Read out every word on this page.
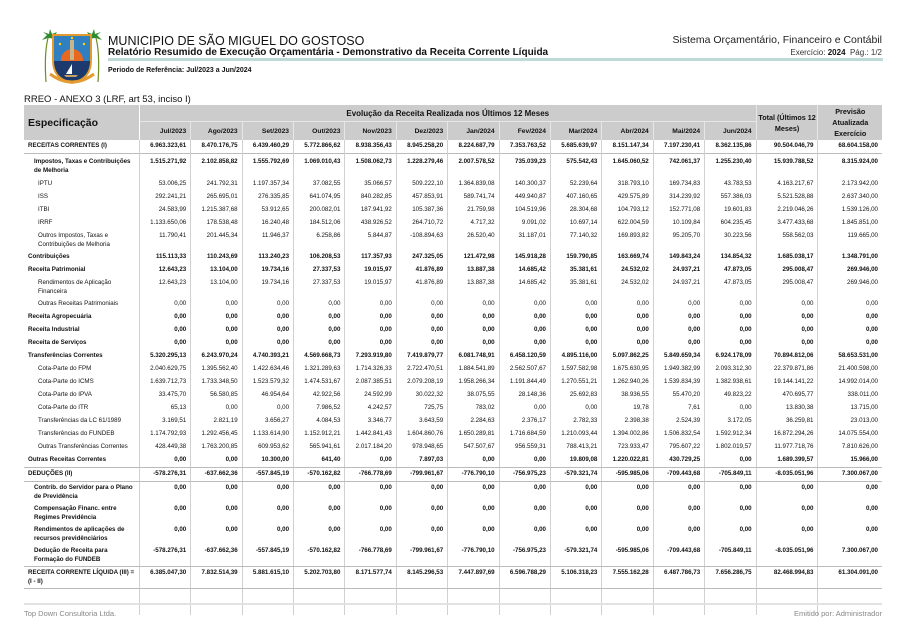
MUNICIPIO DE SÃO MIGUEL DO GOSTOSO
Relatório Resumido de Execução Orçamentária - Demonstrativo da Receita Corrente Líquida
Sistema Orçamentário, Financeiro e Contábil
Exercício: 2024 Pág.: 1/2
Periodo de Referência: Jul/2023 a Jun/2024
RREO - ANEXO 3 (LRF, art 53, inciso I)
Especificação	Evolução da Receita Realizada nos Últimos 12 Meses												Total (Últimos 12 Meses)	Previsão Atualizada Exercício
	Jul/2023	Ago/2023	Set/2023	Out/2023	Nov/2023	Dez/2023	Jan/2024	Fev/2024	Mar/2024	Abr/2024	Mai/2024	Jun/2024		
RECEITAS CORRENTES (I)	6.963.323,61	8.470.176,75	6.439.460,29	5.772.866,62	8.938.356,43	8.945.258,20	8.224.687,79	7.353.763,52	5.685.639,97	8.151.147,34	7.197.230,41	8.362.135,86	90.504.046,79	68.604.158,00
Impostos, Taxas e Contribuições de Melhoria	1.515.271,92	2.102.858,82	1.555.792,69	1.069.010,43	1.508.062,73	1.228.279,46	2.007.578,52	735.039,23	575.542,43	1.645.060,52	742.061,37	1.255.230,40	15.939.788,52	8.315.924,00
IPTU	53.006,25	241.792,31	1.197.357,34	37.082,55	35.066,57	509.222,10	1.364.839,08	140.300,37	52.239,64	318.793,10	169.734,83	43.783,53	4.163.217,67	2.173.942,00
ISS	292.241,21	265.695,01	276.335,85	641.074,95	840.282,85	457.853,91	589.741,74	449.940,87	407.160,65	429.575,89	314.239,92	557.386,03	5.521.528,88	2.637.340,00
ITBI	24.583,99	1.215.387,68	53.912,65	200.082,01	187.941,92	105.387,36	21.759,98	104.519,96	28.304,68	104.793,12	152.771,08	19.601,83	2.219.046,26	1.539.126,00
IRRF	1.133.650,06	178.538,48	16.240,48	184.512,06	438.926,52	264.710,72	4.717,32	9.091,02	10.697,14	622.004,59	10.109,84	604.235,45	3.477.433,68	1.845.851,00
Outros Impostos, Taxas e Contribuições de Melhoria	11.790,41	201.445,34	11.946,37	6.258,86	5.844,87	-108.894,63	26.520,40	31.187,01	77.140,32	169.893,82	95.205,70	30.223,56	558.562,03	119.665,00
Contribuições	115.113,33	110.243,69	113.240,23	106.208,53	117.357,93	247.325,05	121.472,98	145.918,28	159.790,85	163.669,74	149.843,24	134.854,32	1.685.038,17	1.348.791,00
Receita Patrimonial	12.643,23	13.104,00	19.734,16	27.337,53	19.015,97	41.876,89	13.887,38	14.685,42	35.381,61	24.532,02	24.937,21	47.873,05	295.008,47	269.946,00
Rendimentos de Aplicação Financeira	12.643,23	13.104,00	19.734,16	27.337,53	19.015,97	41.876,89	13.887,38	14.685,42	35.381,61	24.532,02	24.937,21	47.873,05	295.008,47	269.946,00
Outras Receitas Patrimoniais	0,00	0,00	0,00	0,00	0,00	0,00	0,00	0,00	0,00	0,00	0,00	0,00	0,00	0,00
Receita Agropecuária	0,00	0,00	0,00	0,00	0,00	0,00	0,00	0,00	0,00	0,00	0,00	0,00	0,00	0,00
Receita Industrial	0,00	0,00	0,00	0,00	0,00	0,00	0,00	0,00	0,00	0,00	0,00	0,00	0,00	0,00
Receita de Serviços	0,00	0,00	0,00	0,00	0,00	0,00	0,00	0,00	0,00	0,00	0,00	0,00	0,00	0,00
Transferências Correntes	5.320.295,13	6.243.970,24	4.740.393,21	4.569.668,73	7.293.919,80	7.419.879,77	6.081.748,91	6.458.120,59	4.895.116,00	5.097.862,25	5.849.659,34	6.924.178,09	70.894.812,06	58.653.531,00
Cota-Parte do FPM	2.040.629,75	1.395.562,40	1.422.634,46	1.321.289,63	1.714.326,33	2.722.470,51	1.884.541,89	2.562.507,67	1.597.582,98	1.675.630,95	1.949.382,99	2.093.312,30	22.379.871,86	21.400.598,00
Cota-Parte do ICMS	1.639.712,73	1.733.348,50	1.523.579,32	1.474.531,67	2.087.385,51	2.079.208,19	1.958.266,34	1.191.844,49	1.270.551,21	1.262.940,26	1.539.834,39	1.382.938,61	19.144.141,22	14.992.014,00
Cota-Parte do IPVA	33.475,70	56.580,85	46.954,64	42.922,56	24.592,99	30.022,32	38.075,55	28.148,36	25.692,83	38.936,55	55.470,20	49.823,22	470.695,77	338.011,00
Cota-Parte do ITR	65,13	0,00	0,00	7.986,52	4.242,57	725,75	783,02	0,00	0,00	19,78	7,61	0,00	13.830,38	13.715,00
Transferências da LC 61/1989	3.169,51	2.821,19	3.656,27	4.084,53	3.346,77	3.643,59	2.284,63	2.376,17	2.782,33	2.398,38	2.524,39	3.172,05	36.259,81	23.013,00
Transferências do FUNDEB	1.174.792,93	1.292.456,45	1.133.614,90	1.152.912,21	1.442.841,43	1.604.860,76	1.650.289,81	1.716.684,59	1.210.093,44	1.394.002,86	1.506.832,54	1.592.912,34	16.872.294,26	14.075.554,00
Outras Transferências Correntes	428.449,38	1.763.200,85	609.953,62	565.941,61	2.017.184,20	978.948,65	547.507,67	956.559,31	788.413,21	723.933,47	795.607,22	1.802.019,57	11.977.718,76	7.810.626,00
Outras Receitas Correntes	0,00	0,00	10.300,00	641,40	0,00	7.897,03	0,00	0,00	19.809,08	1.220.022,81	430.729,25	0,00	1.689.399,57	15.966,00
DEDUÇÕES (II)	-578.276,31	-637.662,36	-557.845,19	-570.162,82	-766.778,69	-799.961,67	-776.790,10	-756.975,23	-579.321,74	-595.985,06	-709.443,68	-705.849,11	-8.035.051,96	7.300.067,00
Contrib. do Servidor para o Plano de Previdência	0,00	0,00	0,00	0,00	0,00	0,00	0,00	0,00	0,00	0,00	0,00	0,00	0,00	0,00
Compensação Financ. entre Regimes Previdência	0,00	0,00	0,00	0,00	0,00	0,00	0,00	0,00	0,00	0,00	0,00	0,00	0,00	0,00
Rendimentos de aplicações de recursos previdênciários	0,00	0,00	0,00	0,00	0,00	0,00	0,00	0,00	0,00	0,00	0,00	0,00	0,00	0,00
Dedução de Receita para Formação do FUNDEB	-578.276,31	-637.662,36	-557.845,19	-570.162,82	-766.778,69	-799.961,67	-776.790,10	-756.975,23	-579.321,74	-595.985,06	-709.443,68	-705.849,11	-8.035.051,96	7.300.067,00
RECEITA CORRENTE LÍQUIDA (III) = (I - II)	6.385.047,30	7.832.514,39	5.881.615,10	5.202.703,80	8.171.577,74	8.145.296,53	7.447.897,69	6.596.788,29	5.106.318,23	7.555.162,28	6.487.786,73	7.656.286,75	82.468.994,83	61.304.091,00

Top Down Consultoria Ltda.	Emitido por: Administrador
